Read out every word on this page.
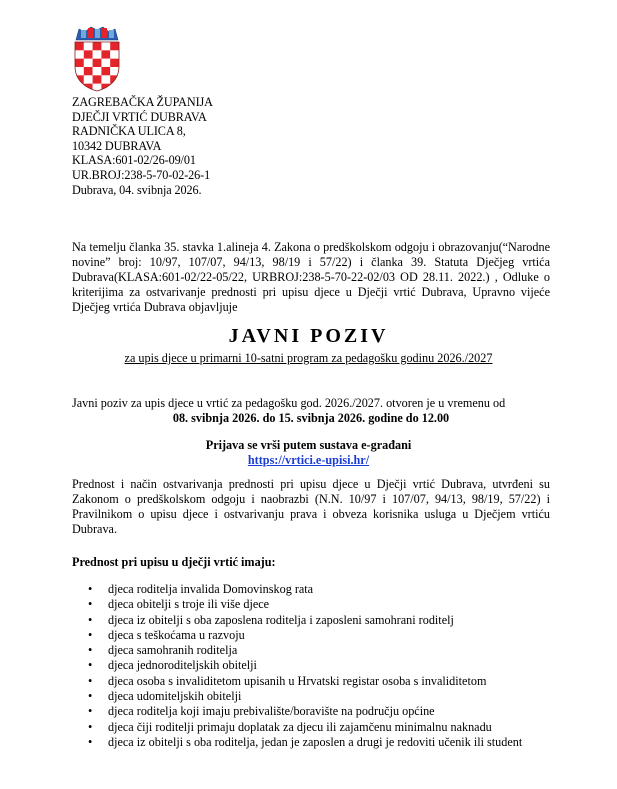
ZAGREBAČKA ŽUPANIJA
DJEČJI VRTIĆ DUBRAVA
RADNIČKA ULICA 8,
10342 DUBRAVA
KLASA:601-02/26-09/01
UR.BROJ:238-5-70-02-26-1
Dubrava, 04. svibnja 2026.
Na temelju članka 35. stavka 1.alineja 4. Zakona o predškolskom odgoju i obrazovanju(“Narodne novine” broj: 10/97, 107/07, 94/13, 98/19 i 57/22) i članka 39. Statuta Dječjeg vrtića Dubrava(KLASA:601-02/22-05/22, URBROJ:238-5-70-22-02/03 OD 28.11. 2022.) , Odluke o kriterijima za ostvarivanje prednosti pri upisu djece u Dječji vrtić Dubrava, Upravno vijeće Dječjeg vrtića Dubrava objavljuje
JAVNI POZIV
za upis djece u primarni 10-satni program za pedagošku godinu 2026./2027
Javni poziv za upis djece u vrtić za pedagošku god. 2026./2027. otvoren je u vremenu od
08. svibnja 2026. do 15. svibnja 2026. godine do 12.00
Prijava se vrši putem sustava e-građani
https://vrtici.e-upisi.hr/
Prednost i način ostvarivanja prednosti pri upisu djece u Dječji vrtić Dubrava, utvrđeni su Zakonom o predškolskom odgoju i naobrazbi (N.N. 10/97 i 107/07, 94/13, 98/19, 57/22) i Pravilnikom o upisu djece i ostvarivanju prava i obveza korisnika usluga u Dječjem vrtiću Dubrava.
Prednost pri upisu u dječji vrtić imaju:
• djeca roditelja invalida Domovinskog rata
• djeca obitelji s troje ili više djece
• djeca iz obitelji s oba zaposlena roditelja i zaposleni samohrani roditelj
• djeca s teškoćama u razvoju
• djeca samohranih roditelja
• djeca jednoroditeljskih obitelji
• djeca osoba s invaliditetom upisanih u Hrvatski registar osoba s invaliditetom
• djeca udomiteljskih obitelji
• djeca roditelja koji imaju prebivalište/boravište na području općine
• djeca čiji roditelji primaju doplatak za djecu ili zajamčenu minimalnu naknadu
• djeca iz obitelji s oba roditelja, jedan je zaposlen a drugi je redoviti učenik ili student
